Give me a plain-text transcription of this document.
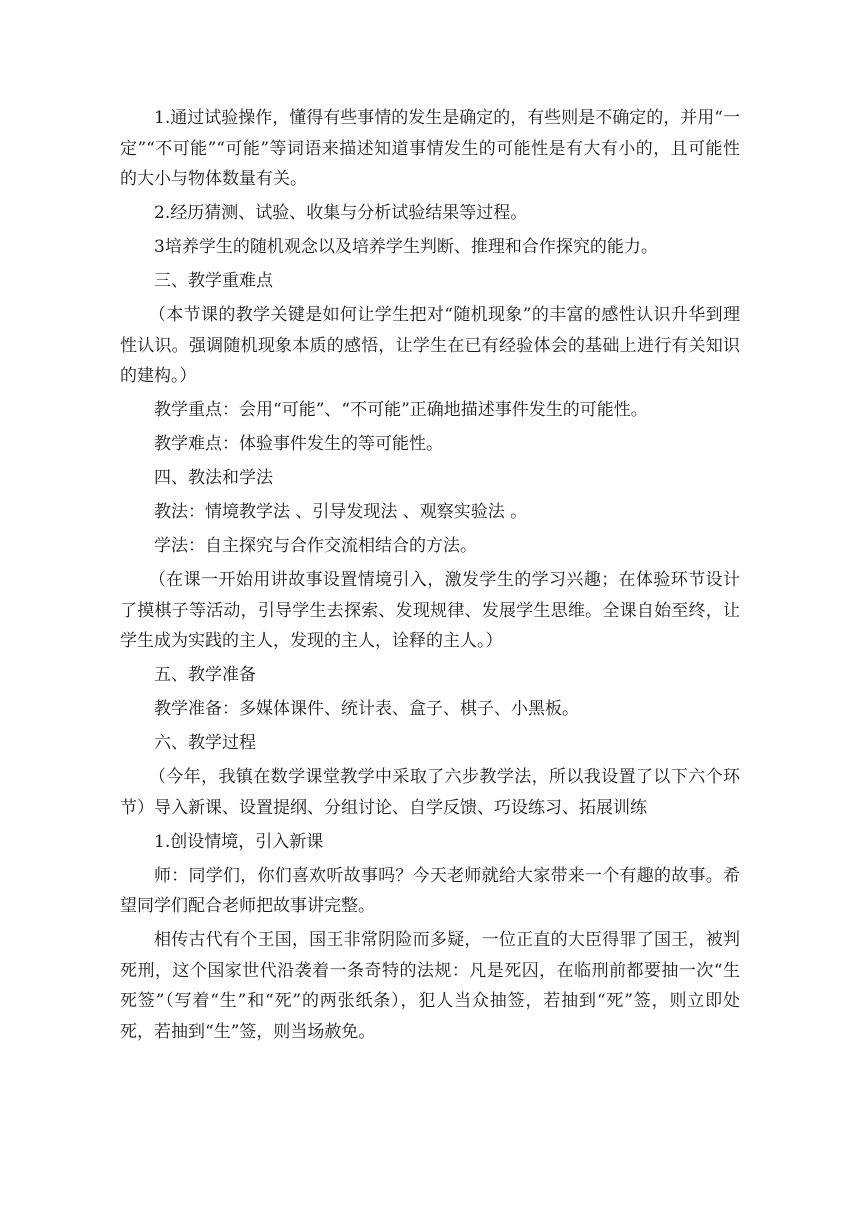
1.通过试验操作，懂得有些事情的发生是确定的，有些则是不确定的，并用“一定”“不可能”“可能”等词语来描述知道事情发生的可能性是有大有小的，且可能性的大小与物体数量有关。

2.经历猜测、试验、收集与分析试验结果等过程。

3培养学生的随机观念以及培养学生判断、推理和合作探究的能力。

三、教学重难点

（本节课的教学关键是如何让学生把对“随机现象”的丰富的感性认识升华到理性认识。强调随机现象本质的感悟，让学生在已有经验体会的基础上进行有关知识的建构。）

教学重点：会用“可能”、“不可能”正确地描述事件发生的可能性。

教学难点：体验事件发生的等可能性。

四、教法和学法

教法：情境教学法 、引导发现法 、观察实验法 。

学法：自主探究与合作交流相结合的方法。

（在课一开始用讲故事设置情境引入，激发学生的学习兴趣；在体验环节设计了摸棋子等活动，引导学生去探索、发现规律、发展学生思维。全课自始至终，让学生成为实践的主人，发现的主人，诠释的主人。）

五、教学准备

教学准备：多媒体课件、统计表、盒子、棋子、小黑板。

六、教学过程

（今年，我镇在数学课堂教学中采取了六步教学法，所以我设置了以下六个环节）导入新课、设置提纲、分组讨论、自学反馈、巧设练习、拓展训练

1.创设情境，引入新课

师：同学们，你们喜欢听故事吗？今天老师就给大家带来一个有趣的故事。希望同学们配合老师把故事讲完整。

相传古代有个王国，国王非常阴险而多疑，一位正直的大臣得罪了国王，被判死刑，这个国家世代沿袭着一条奇特的法规：凡是死囚，在临刑前都要抽一次“生死签”（写着“生”和“死”的两张纸条），犯人当众抽签，若抽到“死”签，则立即处死，若抽到“生”签，则当场赦免。
